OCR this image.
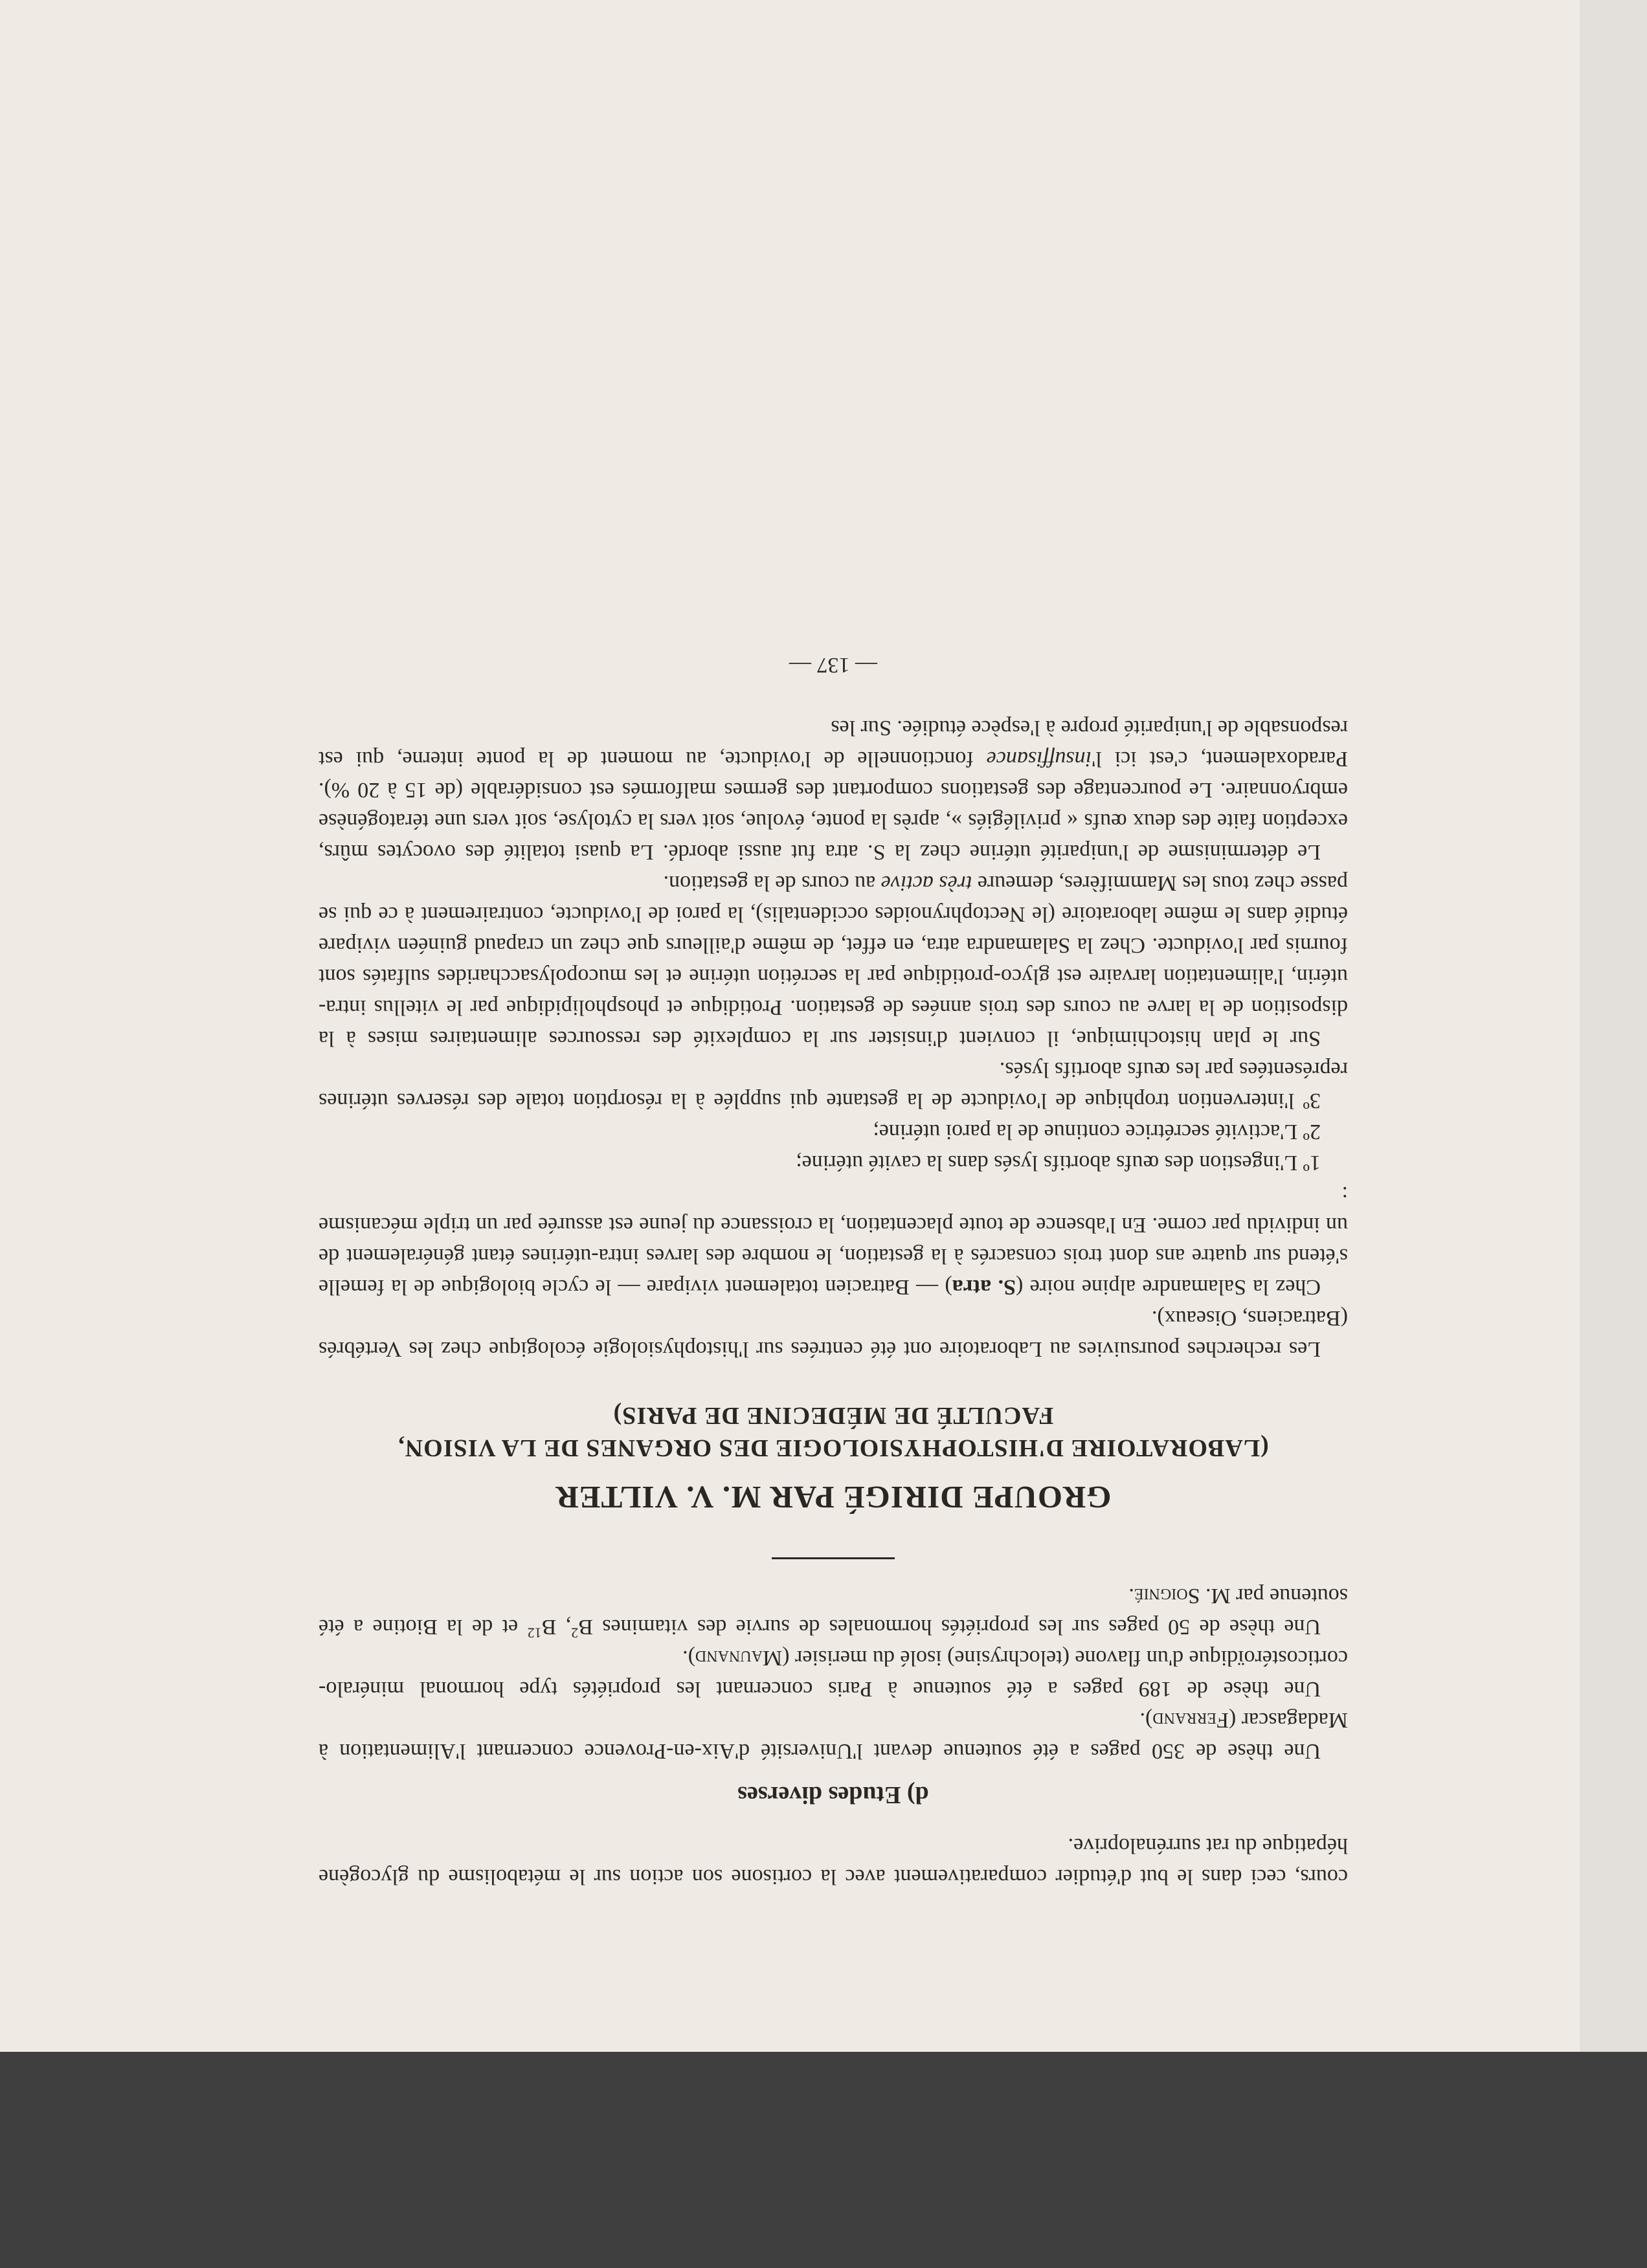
cours, ceci dans le but d'étudier comparativement avec la cortisone son action sur le métabolisme du glycogène hépatique du rat surrénaloprive.

d) Etudes diverses

Une thèse de 350 pages a été soutenue devant l'Université d'Aix-en-Provence concernant l'Alimentation à Madagascar (Ferrand).

Une thèse de 189 pages a été soutenue à Paris concernant les propriétés type hormonal minéralo-corticostéroïdique d'un flavone (telochrysine) isolé du merisier (Maunand).

Une thèse de 50 pages sur les propriétés hormonales de survie des vitamines $B^2$, $B^{12}$ et de la Biotine a été soutenue par M. Soignié.

GROUPE DIRIGÉ PAR M. V. VILTER
(LABORATOIRE D'HISTOPHYSIOLOGIE DES ORGANES DE LA VISION,
FACULTÉ DE MÉDECINE DE PARIS)

Les recherches poursuivies au Laboratoire ont été centrées sur l'histophysiologie écologique chez les Vertébrés (Batraciens, Oiseaux).

Chez la Salamandre alpine noire (S. atra) — Batracien totalement vivipare — le cycle biologique de la femelle s'étend sur quatre ans dont trois consacrés à la gestation, le nombre des larves intra-utérines étant généralement de un individu par corne. En l'absence de toute placentation, la croissance du jeune est assurée par un triple mécanisme :

1º L'ingestion des œufs abortifs lysés dans la cavité utérine;

2º L'activité secrétrice continue de la paroi utérine;

3º l'intervention trophique de l'oviducte de la gestante qui supplée à la résorption totale des réserves utérines représentées par les œufs abortifs lysés.

Sur le plan histochimique, il convient d'insister sur la complexité des ressources alimentaires mises à la disposition de la larve au cours des trois années de gestation. Protidique et phospholipidique par le vitellus intra-utérin, l'alimentation larvaire est glyco-protidique par la secrétion utérine et les mucopolysaccharides sulfatés sont fournis par l'oviducte. Chez la Salamandra atra, en effet, de même d'ailleurs que chez un crapaud guinéen vivipare étudié dans le même laboratoire (le Nectophrynoides occidentalis), la paroi de l'oviducte, contrairement à ce qui se passe chez tous les Mammifères, demeure très active au cours de la gestation.

Le déterminisme de l'uniparité utérine chez la S. atra fut aussi abordé. La quasi totalité des ovocytes mûrs, exception faite des deux œufs « privilégiés », après la ponte, évolue, soit vers la cytolyse, soit vers une tératogénèse embryonnaire. Le pourcentage des gestations comportant des germes malformés est considérable (de 15 à 20 %). Paradoxalement, c'est ici l'insuffisance fonctionnelle de l'oviducte, au moment de la ponte interne, qui est responsable de l'uniparité propre à l'espèce étudiée. Sur les

— 137 —
